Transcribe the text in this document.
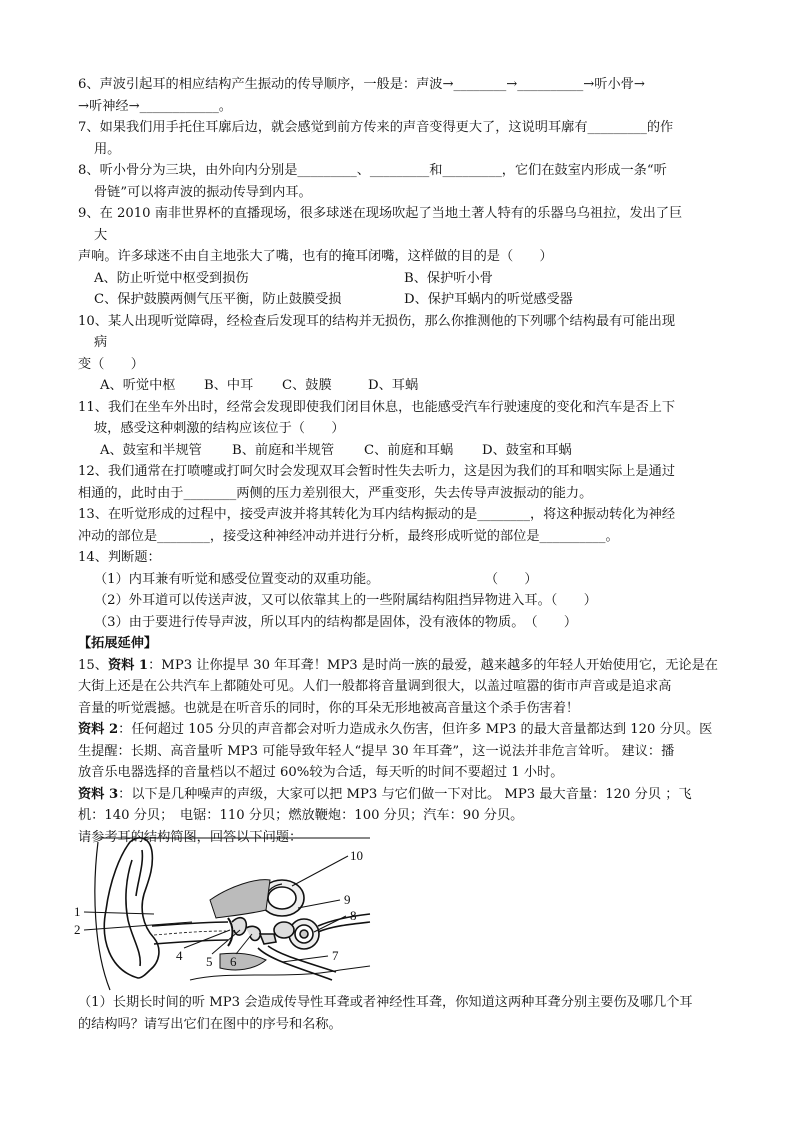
6、声波引起耳的相应结构产生振动的传导顺序，一般是：声波→________→__________→听小骨→
→听神经→____________。
7、如果我们用手托住耳廓后边，就会感觉到前方传来的声音变得更大了，这说明耳廓有_________的作
用。
8、听小骨分为三块，由外向内分别是_________、_________和_________，它们在鼓室内形成一条“听
骨链”可以将声波的振动传导到内耳。
9、在 2010 南非世界杯的直播现场，很多球迷在现场吹起了当地土著人特有的乐器乌乌祖拉，发出了巨
大
声响。许多球迷不由自主地张大了嘴，也有的掩耳闭嘴，这样做的目的是（　　）
A、防止听觉中枢受到损伤	B、保护听小骨
C、保护鼓膜两侧气压平衡，防止鼓膜受损	D、保护耳蜗内的听觉感受器
10、某人出现听觉障碍，经检查后发现耳的结构并无损伤，那么你推测他的下列哪个结构最有可能出现
病
变（　　）
A、听觉中枢	B、中耳	C、鼓膜	D、耳蜗
11、我们在坐车外出时，经常会发现即使我们闭目休息，也能感受汽车行驶速度的变化和汽车是否上下
坡，感受这种刺激的结构应该位于（　　）
A、鼓室和半规管	B、前庭和半规管	C、前庭和耳蜗	D、鼓室和耳蜗
12、我们通常在打喷嚏或打呵欠时会发现双耳会暂时性失去听力，这是因为我们的耳和咽实际上是通过
相通的，此时由于________两侧的压力差别很大，严重变形，失去传导声波振动的能力。
13、在听觉形成的过程中，接受声波并将其转化为耳内结构振动的是________，将这种振动转化为神经
冲动的部位是________，接受这种神经冲动并进行分析，最终形成听觉的部位是__________。
14、判断题：
（1）内耳兼有听觉和感受位置变动的双重功能。　　　　　　　　　（　　）
（2）外耳道可以传送声波，又可以依靠其上的一些附属结构阻挡异物进入耳。（　　）
（3）由于要进行传导声波，所以耳内的结构都是固体，没有液体的物质。　（　　）
【拓展延伸】
15、资料 1：MP3 让你提早 30 年耳聋！MP3 是时尚一族的最爱，越来越多的年轻人开始使用它，无论是在
大街上还是在公共汽车上都随处可见。人们一般都将音量调到很大，以盖过喧嚣的街市声音或是追求高
音量的听觉震撼。也就是在听音乐的同时，你的耳朵无形地被高音量这个杀手伤害着！
资料 2：任何超过 105 分贝的声音都会对听力造成永久伤害，但许多 MP3 的最大音量都达到 120 分贝。医
生提醒：长期、高音量听 MP3 可能导致年轻人“提早 30 年耳聋”，这一说法并非危言耸听。 建议：播
放音乐电器选择的音量档以不超过 60%较为合适，每天听的时间不要超过 1 小时。
资料 3：以下是几种噪声的声级，大家可以把 MP3 与它们做一下对比。 MP3 最大音量：120 分贝 ；飞
机：140 分贝；　电锯：110 分贝；燃放鞭炮：100 分贝；汽车：90 分贝。
请参考耳的结构简图，回答以下问题：
1
2
4 5 6	7
8
9
10
（1）长期长时间的听 MP3 会造成传导性耳聋或者神经性耳聋，你知道这两种耳聋分别主要伤及哪几个耳
的结构吗？请写出它们在图中的序号和名称。
